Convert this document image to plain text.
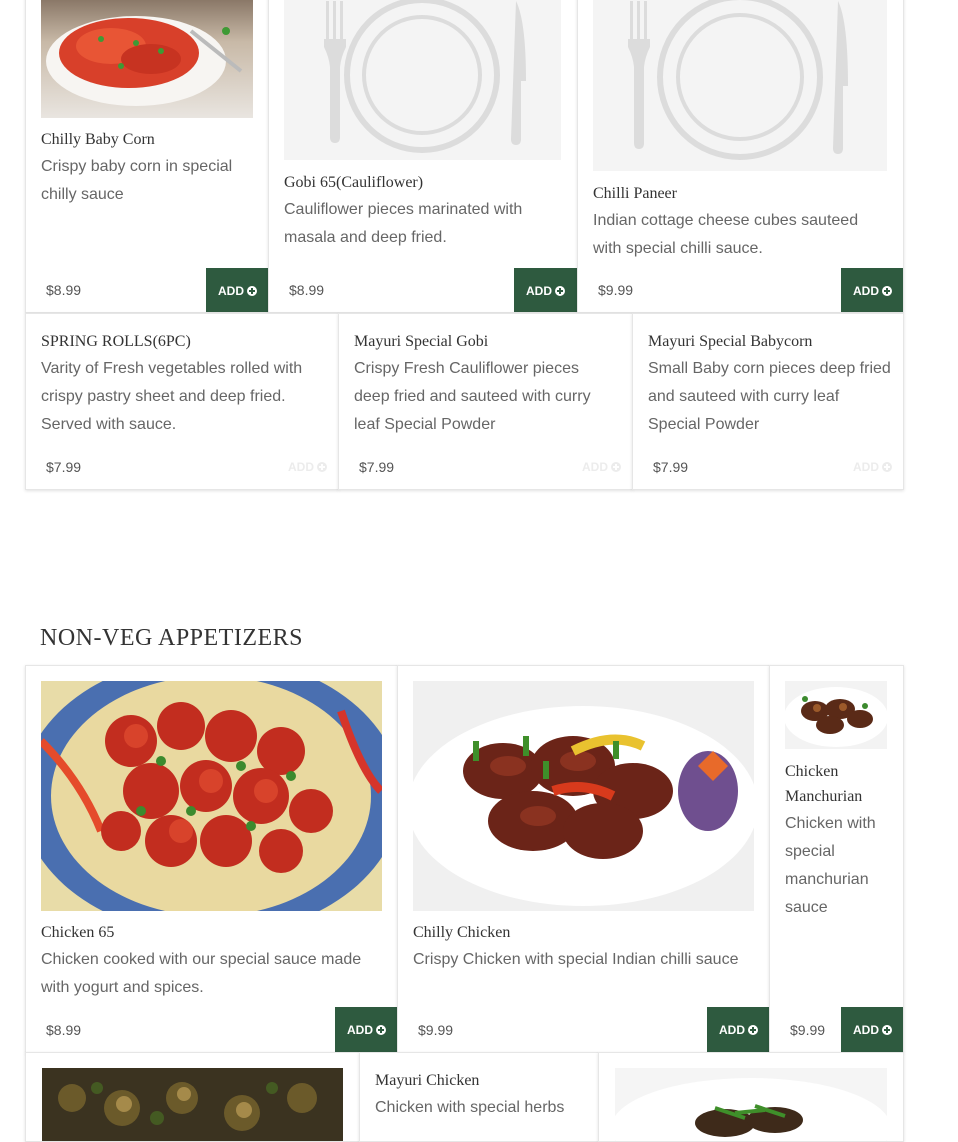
Chilly Baby Corn
Crispy baby corn in special chilly sauce
$8.99	ADD
Gobi 65(Cauliflower)
Cauliflower pieces marinated with masala and deep fried.
$8.99	ADD
Chilli Paneer
Indian cottage cheese cubes sauteed with special chilli sauce.
$9.99	ADD
SPRING ROLLS(6PC)
Varity of Fresh vegetables rolled with crispy pastry sheet and deep fried. Served with sauce.
$7.99	ADD
Mayuri Special Gobi
Crispy Fresh Cauliflower pieces deep fried and sauteed with curry leaf Special Powder
$7.99	ADD
Mayuri Special Babycorn
Small Baby corn pieces deep fried and sauteed with curry leaf Special Powder
$7.99	ADD
NON-VEG APPETIZERS
Chicken 65
Chicken cooked with our special sauce made with yogurt and spices.
$8.99	ADD
Chilly Chicken
Crispy Chicken with special Indian chilli sauce
$9.99	ADD
Chicken Manchurian
Chicken with special manchurian sauce
$9.99 ADD
Mayuri Chicken
Chicken with special herbs
